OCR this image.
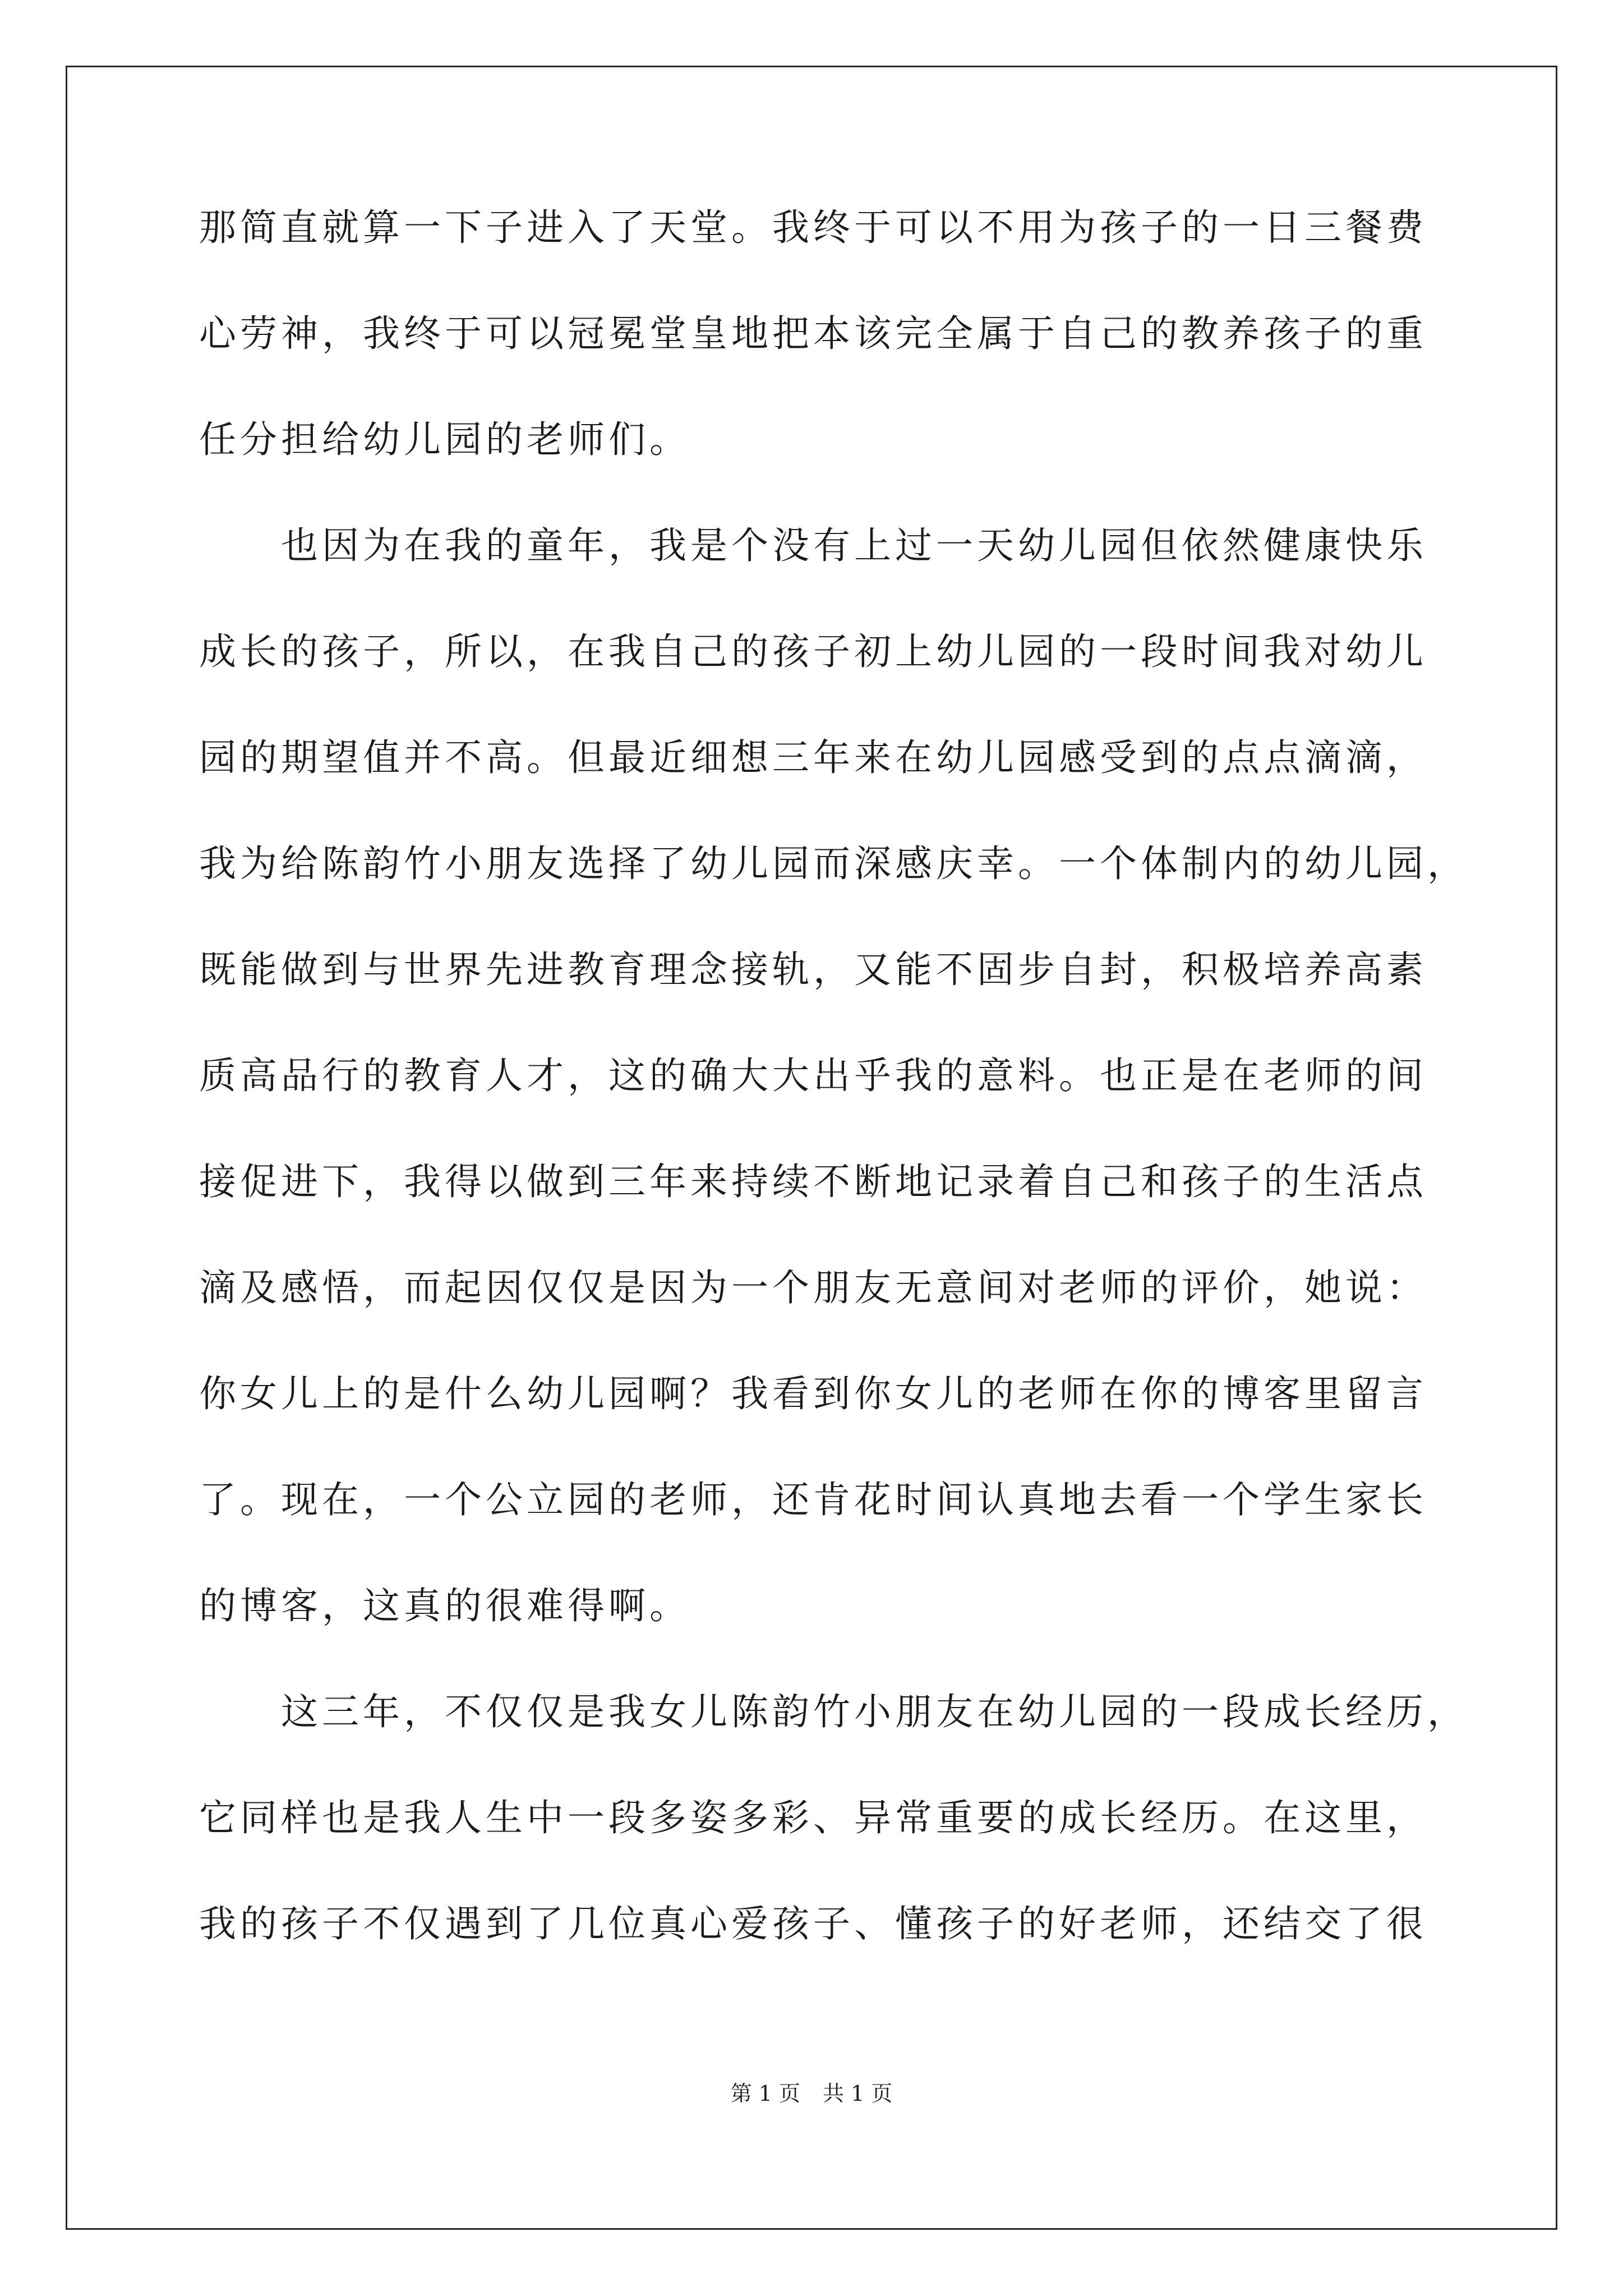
那简直就算一下子进入了天堂。我终于可以不用为孩子的一日三餐费
心劳神，我终于可以冠冕堂皇地把本该完全属于自己的教养孩子的重
任分担给幼儿园的老师们。
也因为在我的童年，我是个没有上过一天幼儿园但依然健康快乐
成长的孩子，所以，在我自己的孩子初上幼儿园的一段时间我对幼儿
园的期望值并不高。但最近细想三年来在幼儿园感受到的点点滴滴，
我为给陈韵竹小朋友选择了幼儿园而深感庆幸。一个体制内的幼儿园，
既能做到与世界先进教育理念接轨，又能不固步自封，积极培养高素
质高品行的教育人才，这的确大大出乎我的意料。也正是在老师的间
接促进下，我得以做到三年来持续不断地记录着自己和孩子的生活点
滴及感悟，而起因仅仅是因为一个朋友无意间对老师的评价，她说：
你女儿上的是什么幼儿园啊？我看到你女儿的老师在你的博客里留言
了。现在，一个公立园的老师，还肯花时间认真地去看一个学生家长
的博客，这真的很难得啊。
这三年，不仅仅是我女儿陈韵竹小朋友在幼儿园的一段成长经历，
它同样也是我人生中一段多姿多彩、异常重要的成长经历。在这里，
我的孩子不仅遇到了几位真心爱孩子、懂孩子的好老师，还结交了很
第 1 页 共 1 页
